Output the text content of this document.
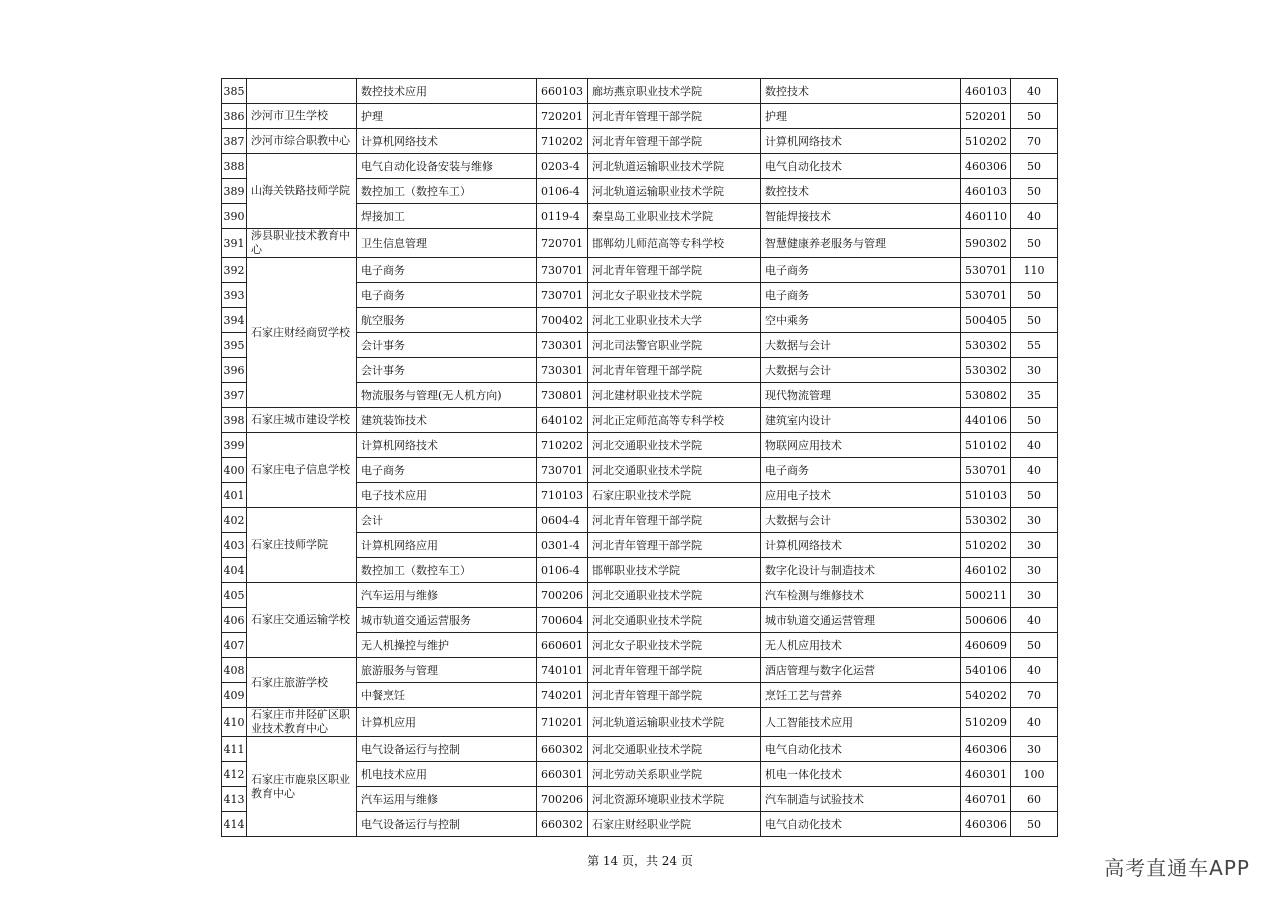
385		数控技术应用	660103	廊坊燕京职业技术学院	数控技术	460103	40
386	沙河市卫生学校	护理	720201	河北青年管理干部学院	护理	520201	50
387	沙河市综合职教中心	计算机网络技术	710202	河北青年管理干部学院	计算机网络技术	510202	70
388	山海关铁路技师学院	电气自动化设备安装与维修	0203-4	河北轨道运输职业技术学院	电气自动化技术	460306	50
389		数控加工（数控车工）	0106-4	河北轨道运输职业技术学院	数控技术	460103	50
390		焊接加工	0119-4	秦皇岛工业职业技术学院	智能焊接技术	460110	40
391	涉县职业技术教育中心	卫生信息管理	720701	邯郸幼儿师范高等专科学校	智慧健康养老服务与管理	590302	50
392	石家庄财经商贸学校	电子商务	730701	河北青年管理干部学院	电子商务	530701	110
393		电子商务	730701	河北女子职业技术学院	电子商务	530701	50
394		航空服务	700402	河北工业职业技术大学	空中乘务	500405	50
395		会计事务	730301	河北司法警官职业学院	大数据与会计	530302	55
396		会计事务	730301	河北青年管理干部学院	大数据与会计	530302	30
397		物流服务与管理(无人机方向)	730801	河北建材职业技术学院	现代物流管理	530802	35
398	石家庄城市建设学校	建筑装饰技术	640102	河北正定师范高等专科学校	建筑室内设计	440106	50
399	石家庄电子信息学校	计算机网络技术	710202	河北交通职业技术学院	物联网应用技术	510102	40
400		电子商务	730701	河北交通职业技术学院	电子商务	530701	40
401		电子技术应用	710103	石家庄职业技术学院	应用电子技术	510103	50
402	石家庄技师学院	会计	0604-4	河北青年管理干部学院	大数据与会计	530302	30
403		计算机网络应用	0301-4	河北青年管理干部学院	计算机网络技术	510202	30
404		数控加工（数控车工）	0106-4	邯郸职业技术学院	数字化设计与制造技术	460102	30
405	石家庄交通运输学校	汽车运用与维修	700206	河北交通职业技术学院	汽车检测与维修技术	500211	30
406		城市轨道交通运营服务	700604	河北交通职业技术学院	城市轨道交通运营管理	500606	40
407		无人机操控与维护	660601	河北女子职业技术学院	无人机应用技术	460609	50
408	石家庄旅游学校	旅游服务与管理	740101	河北青年管理干部学院	酒店管理与数字化运营	540106	40
409		中餐烹饪	740201	河北青年管理干部学院	烹饪工艺与营养	540202	70
410	石家庄市井陉矿区职业技术教育中心	计算机应用	710201	河北轨道运输职业技术学院	人工智能技术应用	510209	40
411	石家庄市鹿泉区职业教育中心	电气设备运行与控制	660302	河北交通职业技术学院	电气自动化技术	460306	30
412		机电技术应用	660301	河北劳动关系职业学院	机电一体化技术	460301	100
413		汽车运用与维修	700206	河北资源环境职业技术学院	汽车制造与试验技术	460701	60
414		电气设备运行与控制	660302	石家庄财经职业学院	电气自动化技术	460306	50
第 14 页，共 24 页	高考直通车APP
